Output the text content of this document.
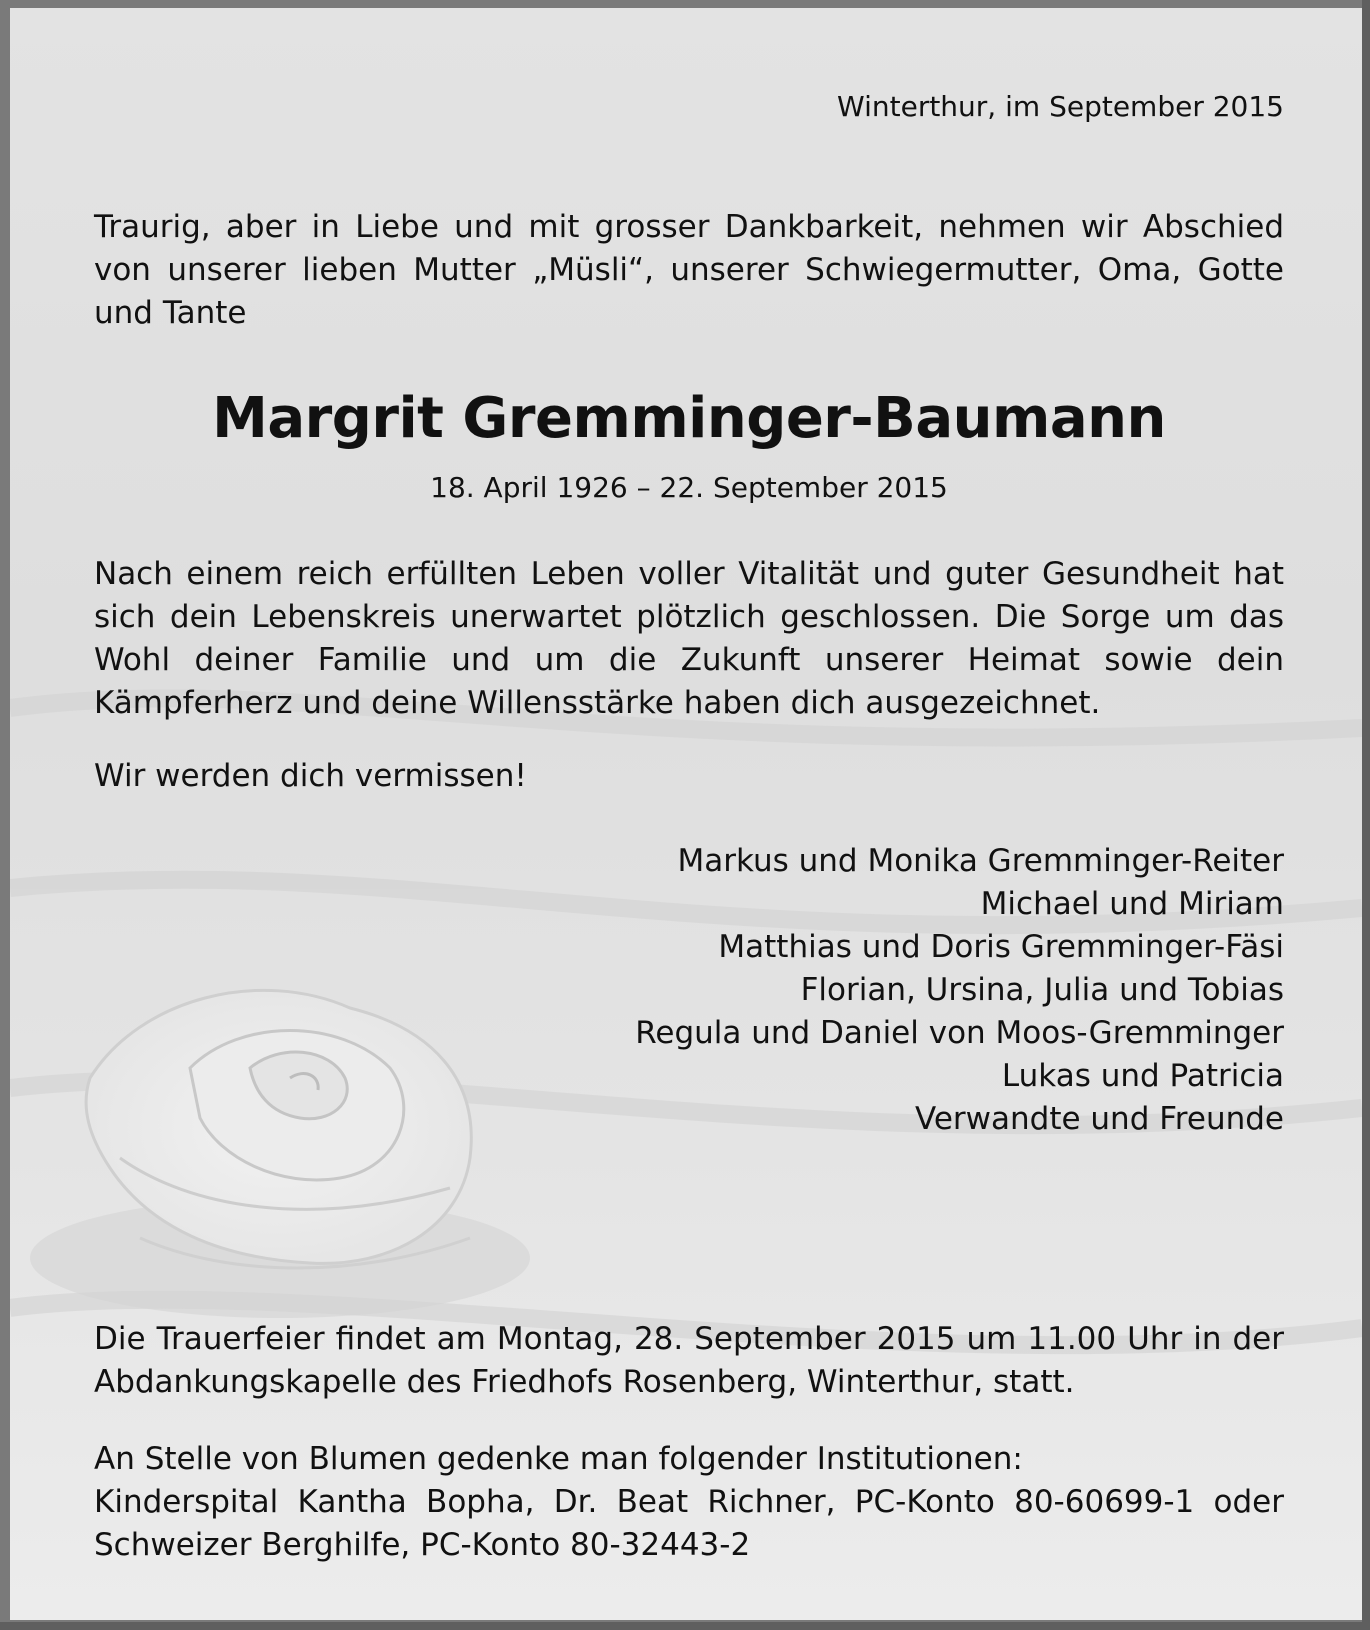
Winterthur, im September 2015

Traurig, aber in Liebe und mit grosser Dankbarkeit, nehmen wir Abschied von unserer lieben Mutter „Müsli“, unserer Schwiegermutter, Oma, Gotte und Tante

Margrit Gremminger-Baumann

18. April 1926 – 22. September 2015

Nach einem reich erfüllten Leben voller Vitalität und guter Gesundheit hat sich dein Lebenskreis unerwartet plötzlich geschlossen. Die Sorge um das Wohl deiner Familie und um die Zukunft unserer Heimat sowie dein Kämpferherz und deine Willensstärke haben dich ausgezeichnet.

Wir werden dich vermissen!

Markus und Monika Gremminger-Reiter

Michael und Miriam

Matthias und Doris Gremminger-Fäsi

Florian, Ursina, Julia und Tobias

Regula und Daniel von Moos-Gremminger

Lukas und Patricia

Verwandte und Freunde

Die Trauerfeier findet am Montag, 28. September 2015 um 11.00 Uhr in der Abdankungskapelle des Friedhofs Rosenberg, Winterthur, statt.

An Stelle von Blumen gedenke man folgender Institutionen:

Kinderspital Kantha Bopha, Dr. Beat Richner, PC-Konto 80-60699-1 oder

Schweizer Berghilfe, PC-Konto 80-32443-2
